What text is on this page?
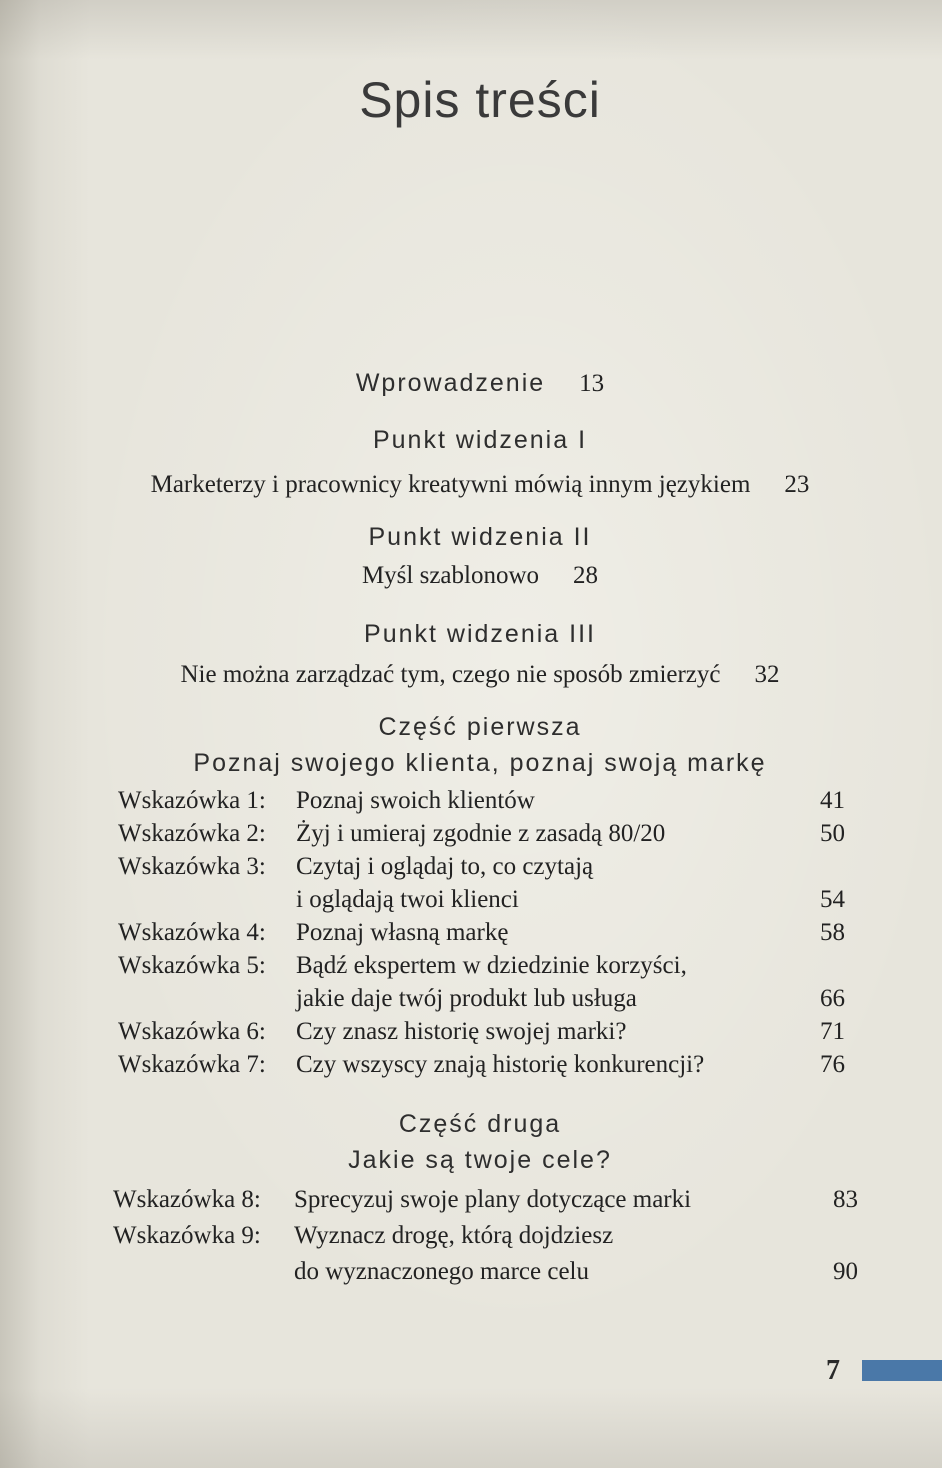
Spis treści
Wprowadzenie 13
Punkt widzenia I
Marketerzy i pracownicy kreatywni mówią innym językiem 23
Punkt widzenia II
Myśl szablonowo 28
Punkt widzenia III
Nie można zarządzać tym, czego nie sposób zmierzyć 32
Część pierwsza
Poznaj swojego klienta, poznaj swoją markę
Wskazówka 1:	Poznaj swoich klientów	41
Wskazówka 2:	Żyj i umieraj zgodnie z zasadą 80/20	50
Wskazówka 3:	Czytaj i oglądaj to, co czytają
i oglądają twoi klienci	54
Wskazówka 4:	Poznaj własną markę	58
Wskazówka 5:	Bądź ekspertem w dziedzinie korzyści,
jakie daje twój produkt lub usługa	66
Wskazówka 6:	Czy znasz historię swojej marki?	71
Wskazówka 7:	Czy wszyscy znają historię konkurencji?	76
Część druga
Jakie są twoje cele?
Wskazówka 8:	Sprecyzuj swoje plany dotyczące marki	83
Wskazówka 9:	Wyznacz drogę, którą dojdziesz
do wyznaczonego marce celu	90
7
